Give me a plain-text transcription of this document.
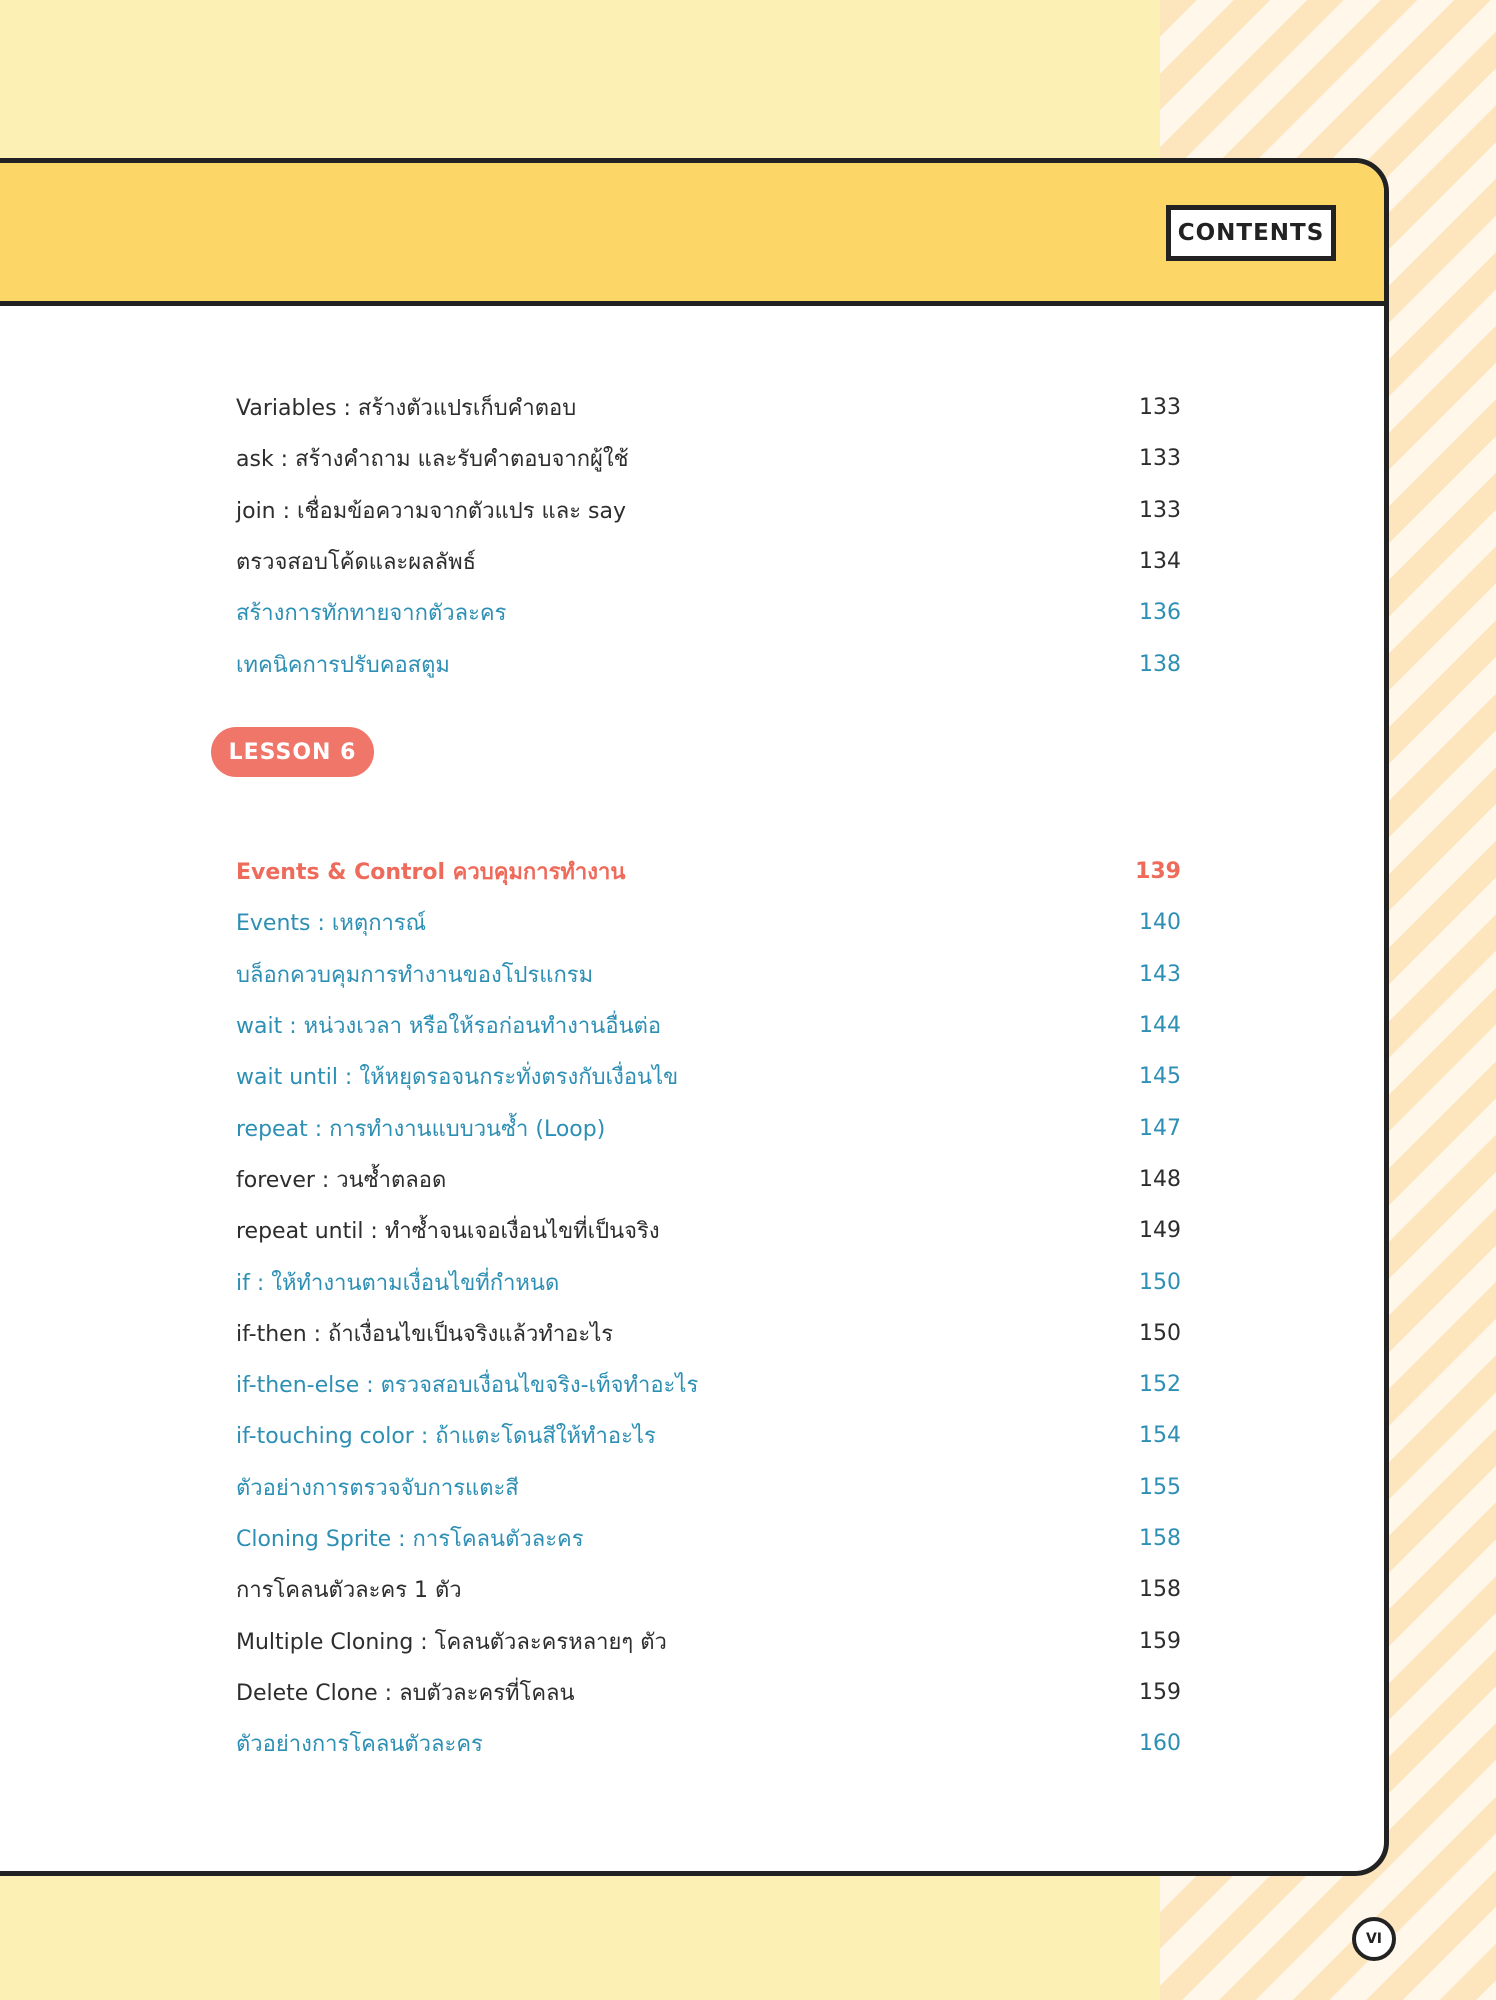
CONTENTS
Variables : สร้างตัวแปรเก็บคำตอบ	133
ask : สร้างคำถาม และรับคำตอบจากผู้ใช้	133
join : เชื่อมข้อความจากตัวแปร และ say	133
ตรวจสอบโค้ดและผลลัพธ์	134
สร้างการทักทายจากตัวละคร	136
เทคนิคการปรับคอสตูม	138
LESSON 6
Events & Control ควบคุมการทำงาน	139
Events : เหตุการณ์	140
บล็อกควบคุมการทำงานของโปรแกรม	143
wait : หน่วงเวลา หรือให้รอก่อนทำงานอื่นต่อ	144
wait until : ให้หยุดรอจนกระทั่งตรงกับเงื่อนไข	145
repeat : การทำงานแบบวนซ้ำ (Loop)	147
forever : วนซ้ำตลอด	148
repeat until : ทำซ้ำจนเจอเงื่อนไขที่เป็นจริง	149
if : ให้ทำงานตามเงื่อนไขที่กำหนด	150
if-then : ถ้าเงื่อนไขเป็นจริงแล้วทำอะไร	150
if-then-else : ตรวจสอบเงื่อนไขจริง-เท็จทำอะไร	152
if-touching color : ถ้าแตะโดนสีให้ทำอะไร	154
ตัวอย่างการตรวจจับการแตะสี	155
Cloning Sprite : การโคลนตัวละคร	158
การโคลนตัวละคร 1 ตัว	158
Multiple Cloning : โคลนตัวละครหลายๆ ตัว	159
Delete Clone : ลบตัวละครที่โคลน	159
ตัวอย่างการโคลนตัวละคร	160
VI
